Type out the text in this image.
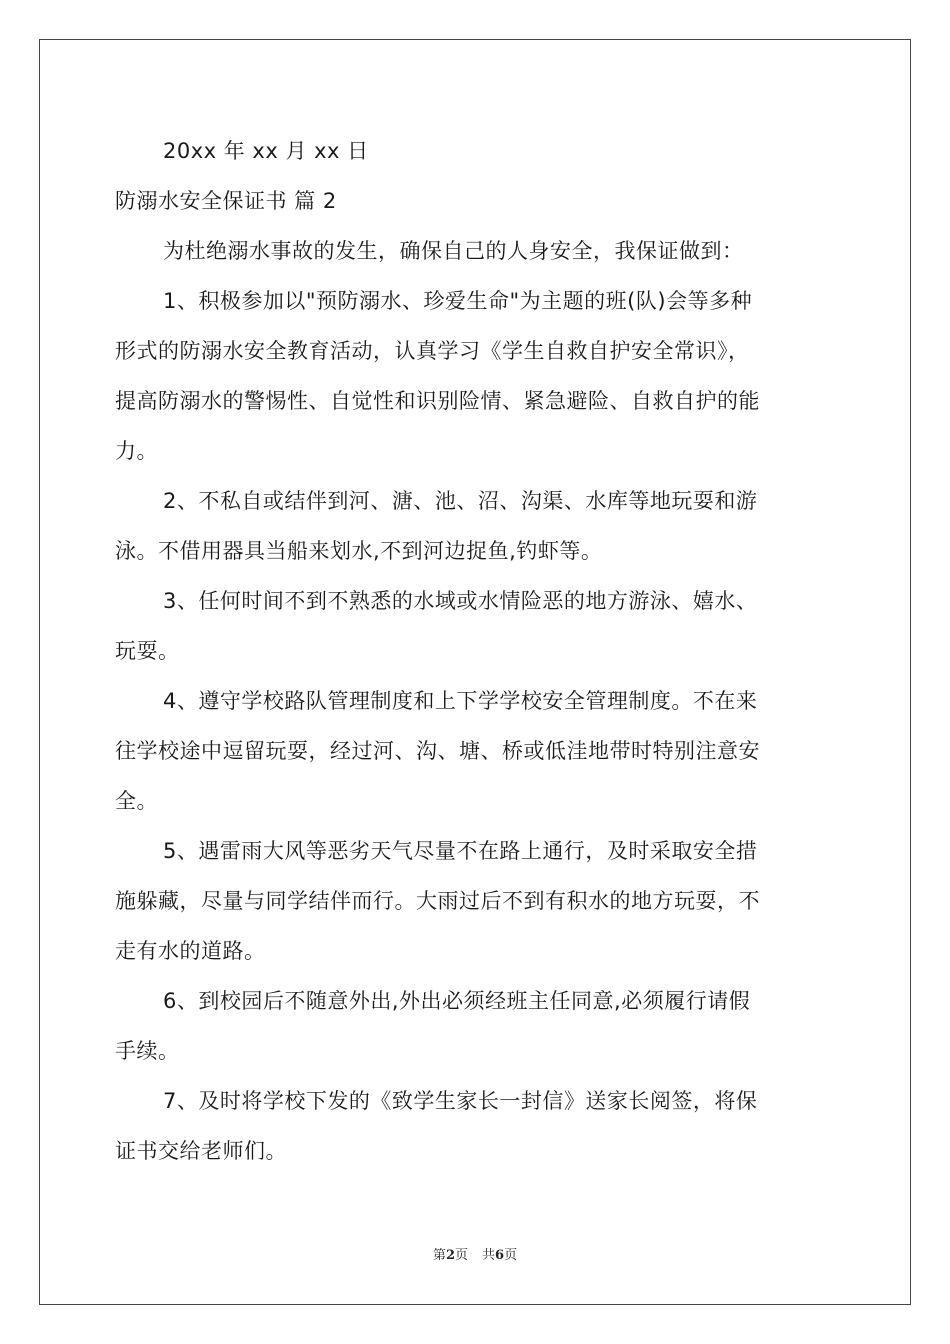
20xx 年 xx 月 xx 日
防溺水安全保证书 篇 2
为杜绝溺水事故的发生，确保自己的人身安全，我保证做到：
1、积极参加以"预防溺水、珍爱生命"为主题的班(队)会等多种
形式的防溺水安全教育活动，认真学习《学生自救自护安全常识》，
提高防溺水的警惕性、自觉性和识别险情、紧急避险、自救自护的能
力。
2、不私自或结伴到河、溏、池、沼、沟渠、水库等地玩耍和游
泳。不借用器具当船来划水,不到河边捉鱼,钓虾等。
3、任何时间不到不熟悉的水域或水情险恶的地方游泳、嬉水、
玩耍。
4、遵守学校路队管理制度和上下学学校安全管理制度。不在来
往学校途中逗留玩耍，经过河、沟、塘、桥或低洼地带时特别注意安
全。
5、遇雷雨大风等恶劣天气尽量不在路上通行，及时采取安全措
施躲藏，尽量与同学结伴而行。大雨过后不到有积水的地方玩耍，不
走有水的道路。
6、到校园后不随意外出,外出必须经班主任同意,必须履行请假
手续。
7、及时将学校下发的《致学生家长一封信》送家长阅签，将保
证书交给老师们。
第2页 共6页
